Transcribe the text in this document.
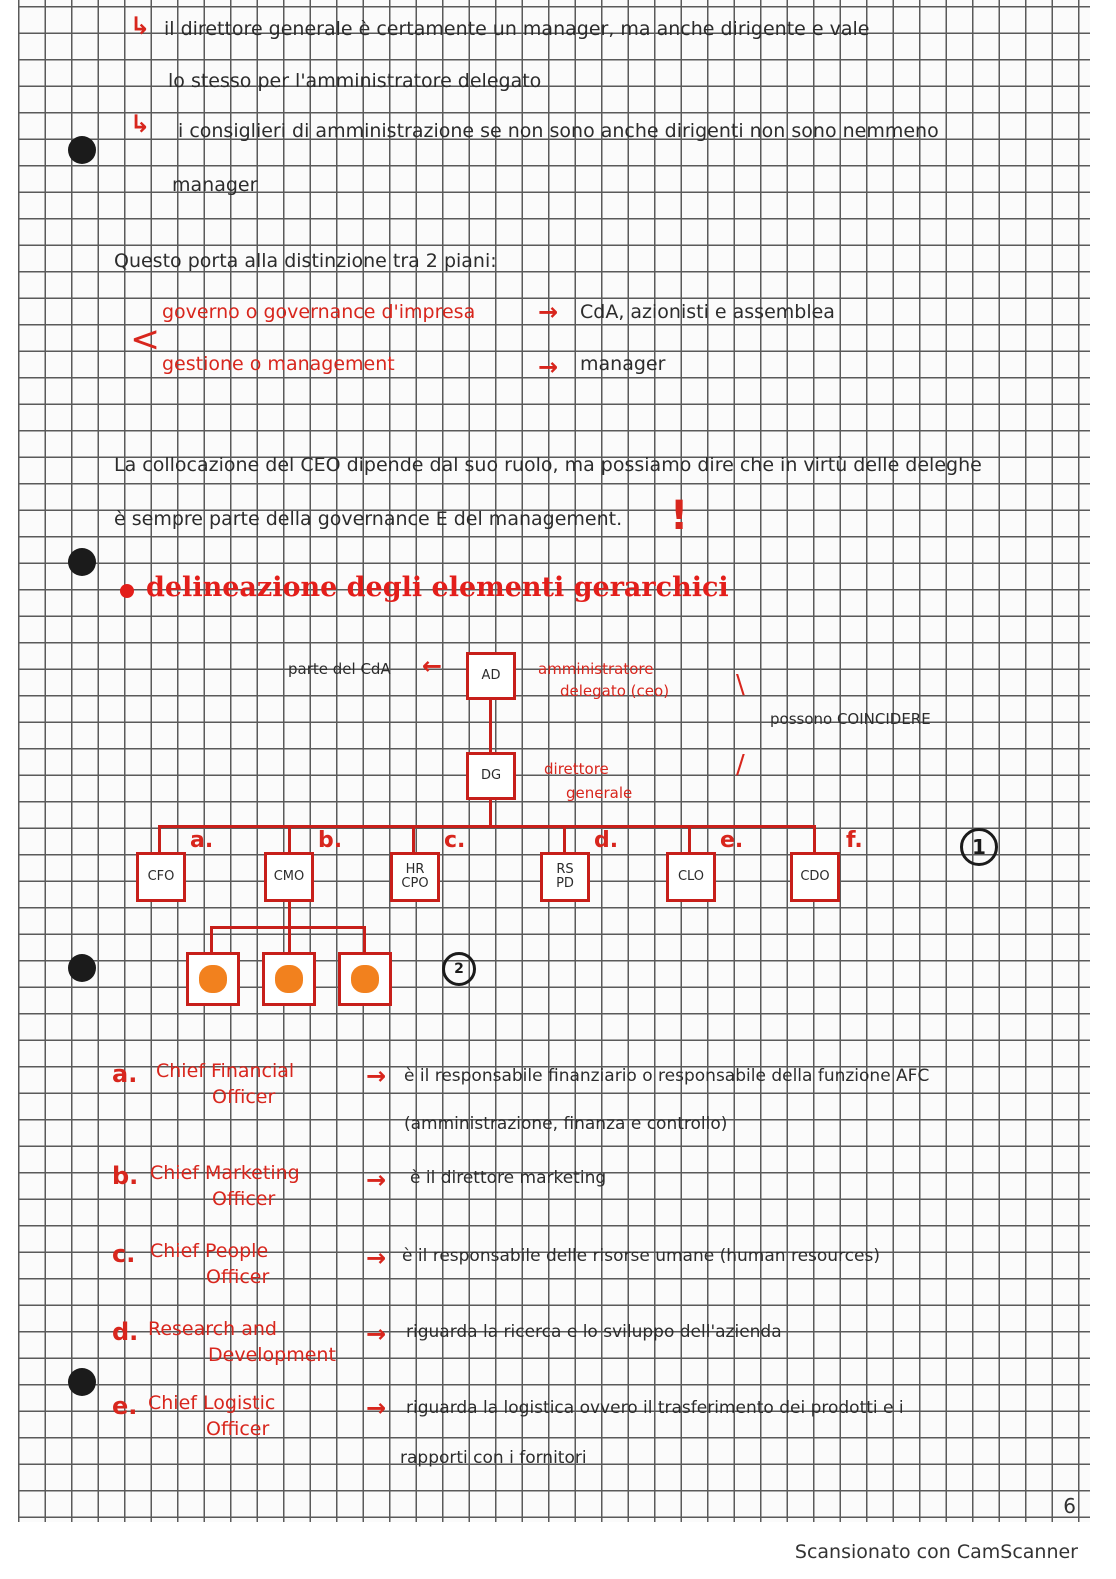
↳ il direttore generale è certamente un manager, ma anche dirigente e vale
lo stesso per l'amministratore delegato
↳ i consiglieri di amministrazione se non sono anche dirigenti non sono nemmeno
manager
Questo porta alla distinzione tra 2 piani:
<
governo o governance d'impresa	→ CdA, azionisti e assemblea
gestione o management	→ manager
La collocazione del CEO dipende dal suo ruolo, ma possiamo dire che in virtù delle deleghe
è sempre parte della governance E del management. !
delineazione degli elementi gerarchici
parte del CdA ←	AD	amministratore
delegato (ceo)	\
possono COINCIDERE
/
DG	direttore
generale
CFO
a.
CMO
b.
HR CPO
c.
RS PD
d.
CLO
e.
CDO
f.	1
2
a. Chief Financial
Officer
→ è il responsabile finanziario o responsabile della funzione AFC
(amministrazione, finanza e controllo)
b. Chief Marketing
Officer
→ è il direttore marketing
c. Chief People
Officer
→ è il responsabile delle risorse umane (human resources)
d. Research and
Development
→ riguarda la ricerca e lo sviluppo dell'azienda
e. Chief Logistic
Officer
→ riguarda la logistica ovvero il trasferimento dei prodotti e i
rapporti con i fornitori
6
Scansionato con CamScanner
